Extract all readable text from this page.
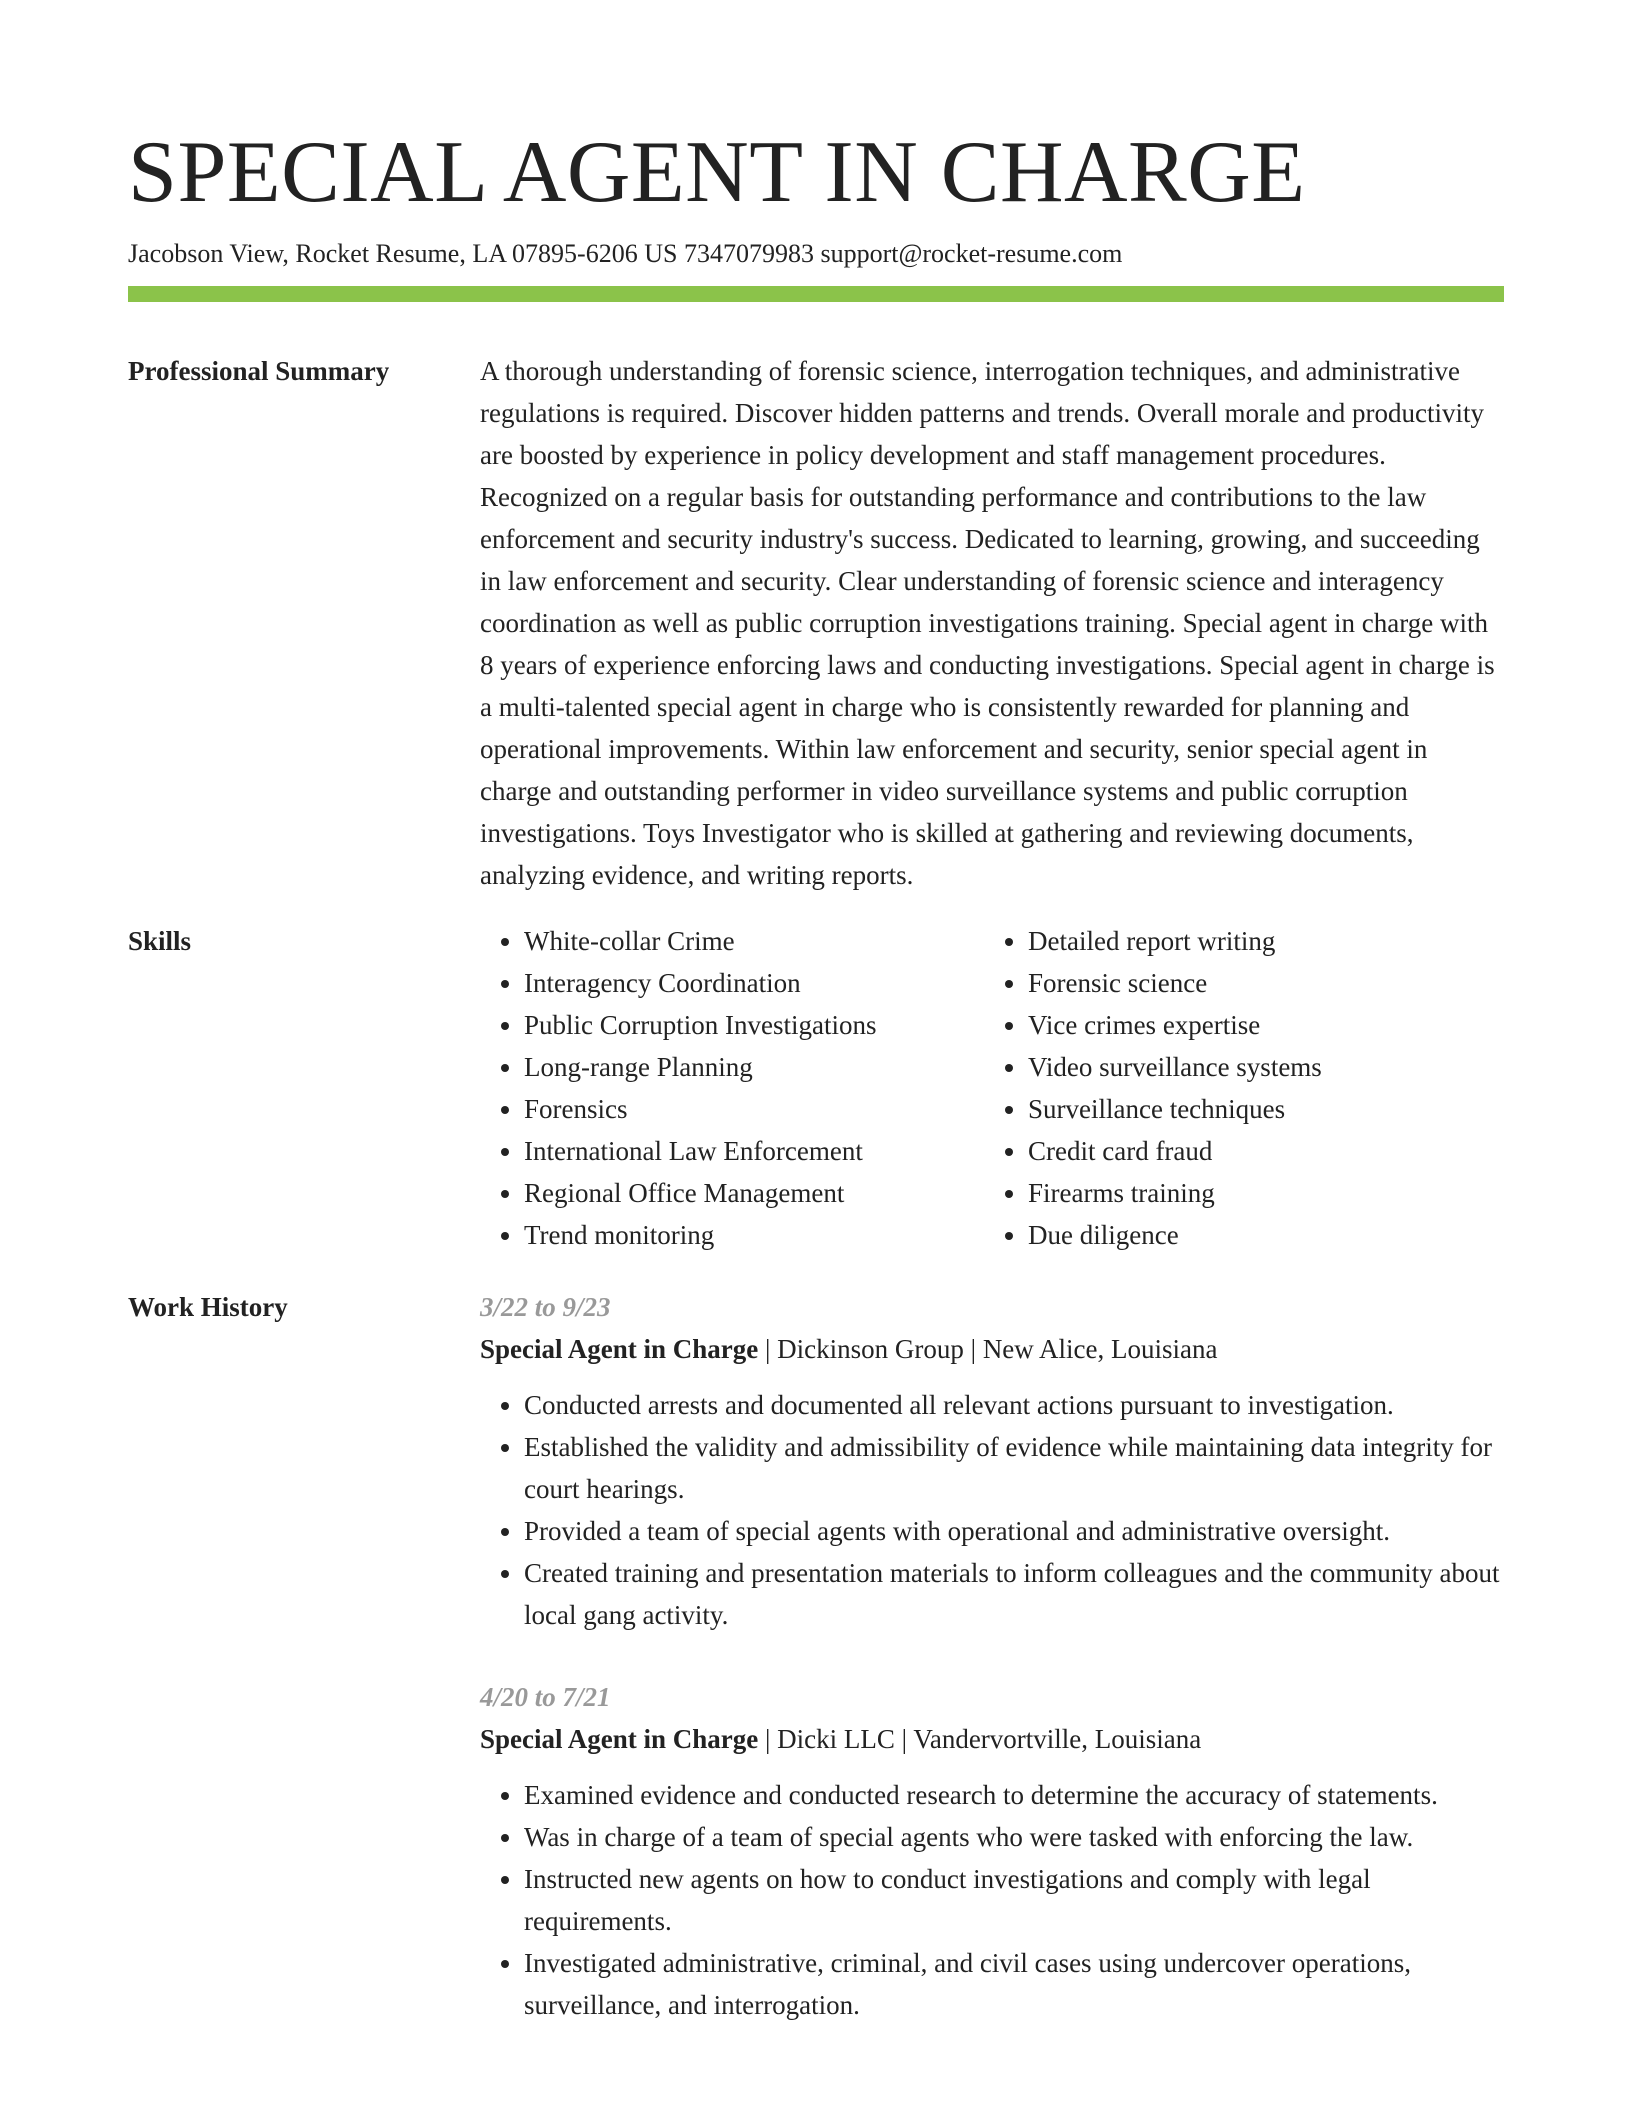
SPECIAL AGENT IN CHARGE
Jacobson View, Rocket Resume, LA 07895-6206 US 7347079983 support@rocket-resume.com
Professional Summary	A thorough understanding of forensic science, interrogation techniques, and administrative regulations is required. Discover hidden patterns and trends. Overall morale and productivity are boosted by experience in policy development and staff management procedures. Recognized on a regular basis for outstanding performance and contributions to the law enforcement and security industry's success. Dedicated to learning, growing, and succeeding in law enforcement and security. Clear understanding of forensic science and interagency coordination as well as public corruption investigations training. Special agent in charge with 8 years of experience enforcing laws and conducting investigations. Special agent in charge is a multi-talented special agent in charge who is consistently rewarded for planning and operational improvements. Within law enforcement and security, senior special agent in charge and outstanding performer in video surveillance systems and public corruption investigations. Toys Investigator who is skilled at gathering and reviewing documents, analyzing evidence, and writing reports.

Skills	• White-collar Crime
• Interagency Coordination
• Public Corruption Investigations
• Long-range Planning
• Forensics
• International Law Enforcement
• Regional Office Management
• Trend monitoring
• Detailed report writing
• Forensic science
• Vice crimes expertise
• Video surveillance systems
• Surveillance techniques
• Credit card fraud
• Firearms training
• Due diligence
Work History	3/22 to 9/23
Special Agent in Charge | Dickinson Group | New Alice, Louisiana
• Conducted arrests and documented all relevant actions pursuant to investigation.
• Established the validity and admissibility of evidence while maintaining data integrity for court hearings.
• Provided a team of special agents with operational and administrative oversight.
• Created training and presentation materials to inform colleagues and the community about local gang activity.
4/20 to 7/21
Special Agent in Charge | Dicki LLC | Vandervortville, Louisiana
• Examined evidence and conducted research to determine the accuracy of statements.
• Was in charge of a team of special agents who were tasked with enforcing the law.
• Instructed new agents on how to conduct investigations and comply with legal requirements.
• Investigated administrative, criminal, and civil cases using undercover operations, surveillance, and interrogation.
